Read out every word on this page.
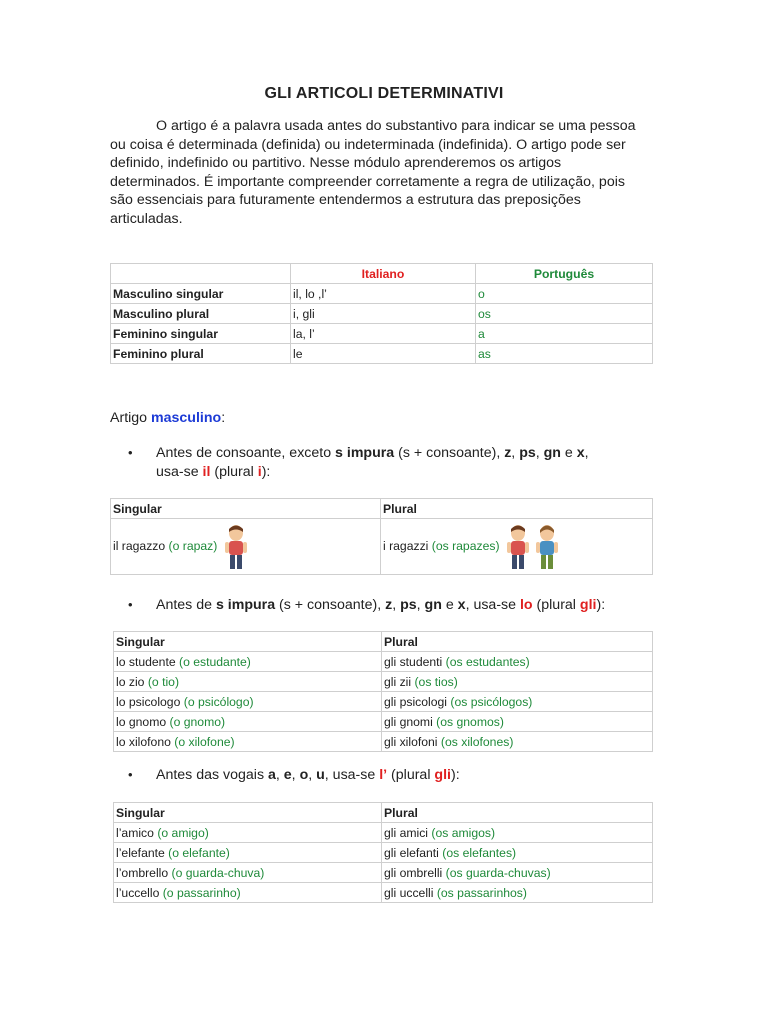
GLI ARTICOLI DETERMINATIVI

O artigo é a palavra usada antes do substantivo para indicar se uma pessoa ou coisa é determinada (definida) ou indeterminada (indefinida). O artigo pode ser definido, indefinido ou partitivo. Nesse módulo aprenderemos os artigos determinados. É importante compreender corretamente a regra de utilização, pois são essenciais para futuramente entendermos a estrutura das preposições articuladas.

	Italiano	Português
Masculino singular	il, lo ,l’	o
Masculino plural	i, gli	os
Feminino singular	la, l’	a
Feminino plural	le	as
Artigo masculino:
• Antes de consoante, exceto s impura (s + consoante), z, ps, gn e x,
usa-se il (plural i):
Singular	Plural
il ragazzo (o rapaz)	i ragazzi (os rapazes)
• Antes de s impura (s + consoante), z, ps, gn e x, usa-se lo (plural gli):
Singular	Plural
lo studente (o estudante)	gli studenti (os estudantes)
lo zio (o tio)	gli zii (os tios)
lo psicologo (o psicólogo)	gli psicologi (os psicólogos)
lo gnomo (o gnomo)	gli gnomi (os gnomos)
lo xilofono (o xilofone)	gli xilofoni (os xilofones)
• Antes das vogais a, e, o, u, usa-se l’ (plural gli):
Singular	Plural
l’amico (o amigo)	gli amici (os amigos)
l’elefante (o elefante)	gli elefanti (os elefantes)
l’ombrello (o guarda-chuva)	gli ombrelli (os guarda-chuvas)
l’uccello (o passarinho)	gli uccelli (os passarinhos)
